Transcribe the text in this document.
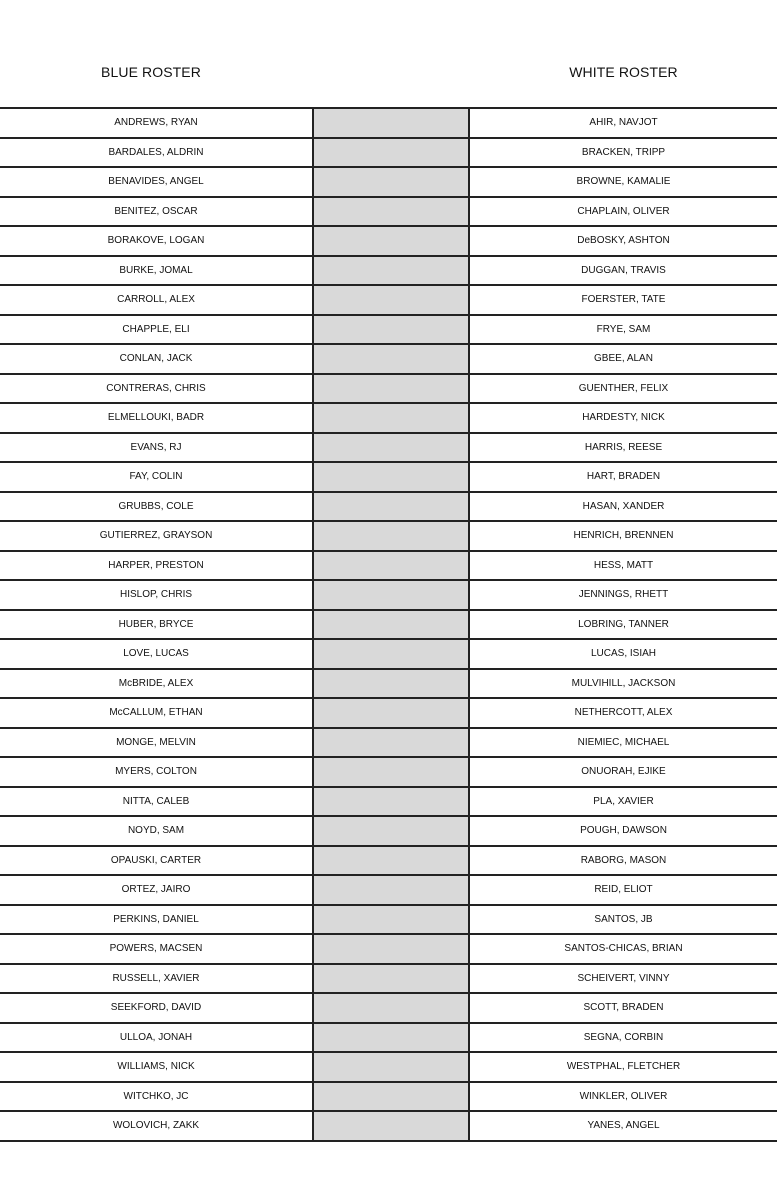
BLUE ROSTER	WHITE ROSTER
ANDREWS, RYAN		AHIR, NAVJOT
BARDALES, ALDRIN		BRACKEN, TRIPP
BENAVIDES, ANGEL		BROWNE, KAMALIE
BENITEZ, OSCAR		CHAPLAIN, OLIVER
BORAKOVE, LOGAN		DeBOSKY, ASHTON
BURKE, JOMAL		DUGGAN, TRAVIS
CARROLL, ALEX		FOERSTER, TATE
CHAPPLE, ELI		FRYE, SAM
CONLAN, JACK		GBEE, ALAN
CONTRERAS, CHRIS		GUENTHER, FELIX
ELMELLOUKI, BADR		HARDESTY, NICK
EVANS, RJ		HARRIS, REESE
FAY, COLIN		HART, BRADEN
GRUBBS, COLE		HASAN, XANDER
GUTIERREZ, GRAYSON		HENRICH, BRENNEN
HARPER, PRESTON		HESS, MATT
HISLOP, CHRIS		JENNINGS, RHETT
HUBER, BRYCE		LOBRING, TANNER
LOVE, LUCAS		LUCAS, ISIAH
McBRIDE, ALEX		MULVIHILL, JACKSON
McCALLUM, ETHAN		NETHERCOTT, ALEX
MONGE, MELVIN		NIEMIEC, MICHAEL
MYERS, COLTON		ONUORAH, EJIKE
NITTA, CALEB		PLA, XAVIER
NOYD, SAM		POUGH, DAWSON
OPAUSKI, CARTER		RABORG, MASON
ORTEZ, JAIRO		REID, ELIOT
PERKINS, DANIEL		SANTOS, JB
POWERS, MACSEN		SANTOS-CHICAS, BRIAN
RUSSELL, XAVIER		SCHEIVERT, VINNY
SEEKFORD, DAVID		SCOTT, BRADEN
ULLOA, JONAH		SEGNA, CORBIN
WILLIAMS, NICK		WESTPHAL, FLETCHER
WITCHKO, JC		WINKLER, OLIVER
WOLOVICH, ZAKK		YANES, ANGEL
